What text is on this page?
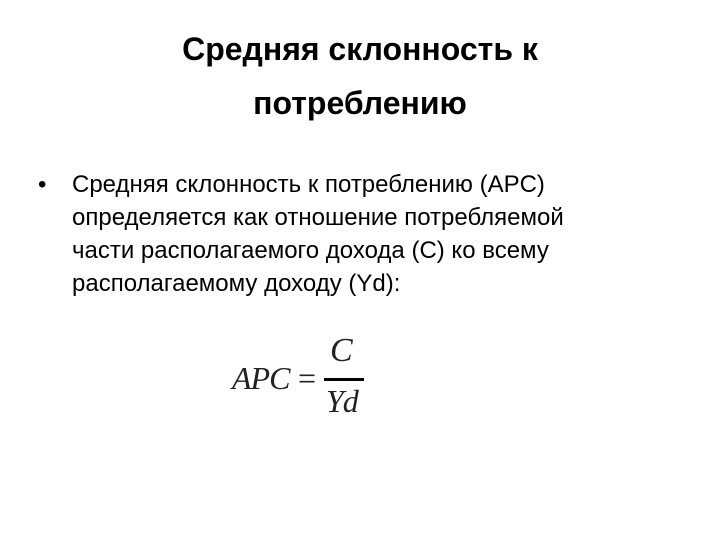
Средняя склонность к
потреблению
•	Средняя склонность к потреблению (APC)
определяется как отношение потребляемой
части располагаемого дохода (C) ко всему
располагаемому доходу (Yd):
APC =
C
Yd
